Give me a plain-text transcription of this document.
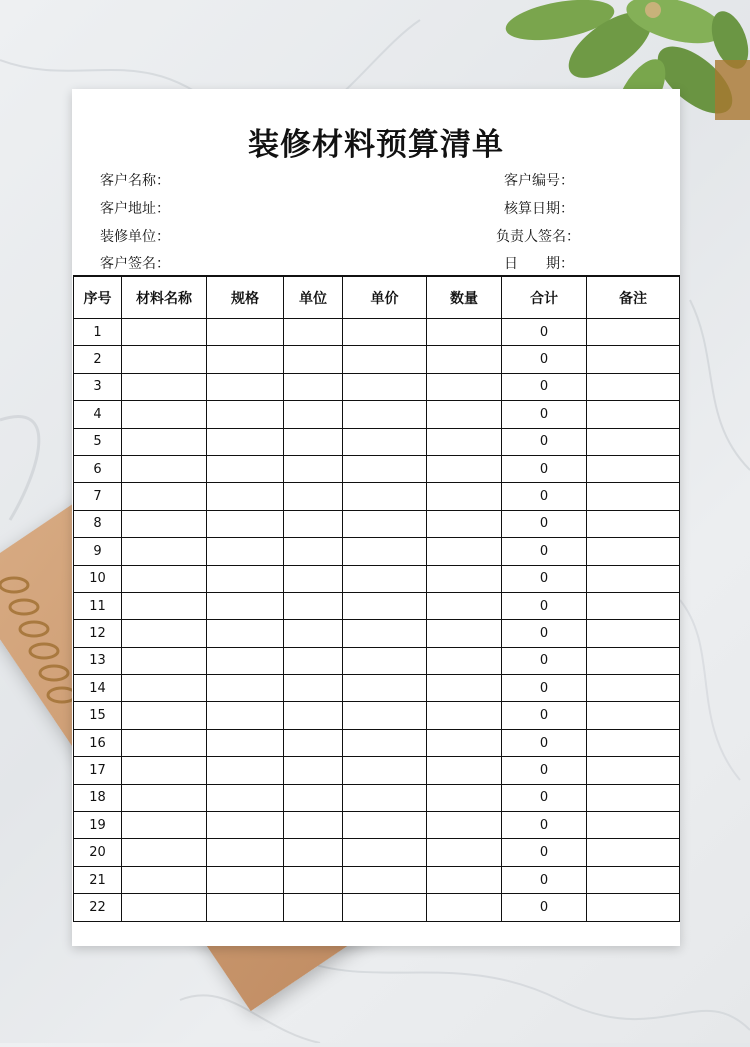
装修材料预算清单
客户名称：
客户地址：
装修单位：
客户签名：
客户编号：
核算日期：
负责人签名：
日　　期：
序号	材料名称	规格	单位	单价	数量	合计	备注
1						0	
2						0	
3						0	
4						0	
5						0	
6						0	
7						0	
8						0	
9						0	
10						0	
11						0	
12						0	
13						0	
14						0	
15						0	
16						0	
17						0	
18						0	
19						0	
20						0	
21						0	
22						0	
